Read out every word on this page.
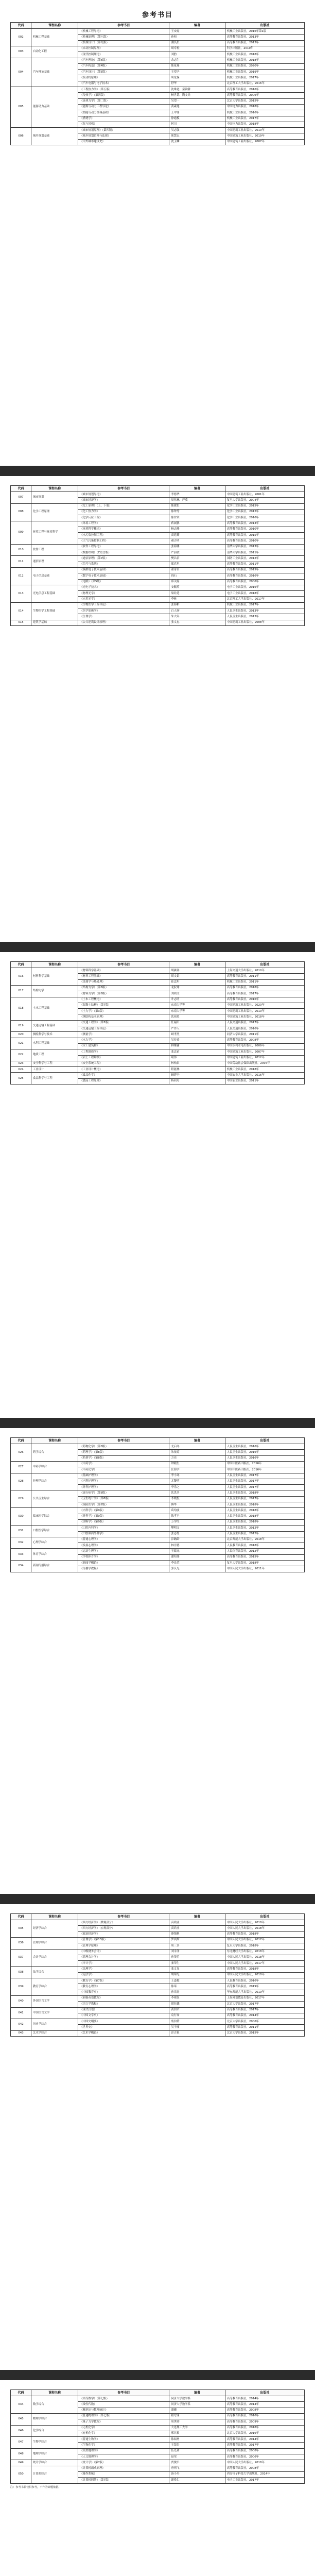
参考书目
代码	课程名称	参考书目	编著	出版社
002	机械工程基础	《机械工程导论》	王安霞	机械工业出版社，2016年第1版
		《机械原理》（第八版）	孙桓	高等教育出版社，2013年
		《机械设计》（第九版）	濮良贵	高等教育出版社，2013年
003	自动化工程	《自动控制原理》	胡寿松	科学出版社，2019年
		《现代控制理论》	刘豹	机械工业出版社，2018年
004	汽车理论基础	《汽车理论》（第6版）	余志生	机械工业出版社，2018年
		《汽车构造》（第4版）	陈家瑞	机械工业出版社，2020年
		《汽车设计》（第5版）	王望予	机械工业出版社，2019年
		《发动机原理》	周龙保	机械工业出版社，2017年
		《汽车电器与电子技术》	舒华	北京理工大学出版社，2016年
005	能源动力基础	《工程热力学》（第五版）	沈维道、童钧耕	高等教育出版社，2016年
		《传热学》（第四版）	杨世铭、陶文铨	高等教育出版社，2006年
		《流体力学》（第二版）	吴望一	北京大学出版社，2015年
		《能源与动力工程导论》	黄素逸	中国电力出版社，2018年
		《热能与动力机械基础》	王中铮	机械工业出版社，2016年
		《燃烧学》	徐通模	机械工业出版社，2017年
		《泵与风机》	何川	中国电力出版社，2018年
006	城乡规划基础	《城市规划原理》（第四版）	吴志强	中国建筑工业出版社，2010年
		《城乡规划管理与法规》	耿慧志	中国建筑工业出版社，2019年
		《中外城市建设史》	沈玉麟	中国建筑工业出版社，2007年
代码	课程名称	参考书目	编著	出版社
007	城市规划	《城市规划导论》	李德华	中国建筑工业出版社，2001年
		《城市经济学》	周伟林、严冀	复旦大学出版社，2004年
008	化学工程原理	《化工原理》（上、下册）	陈敏恒	化学工业出版社，2015年
		《化工热力学》	陈钟秀	化学工业出版社，2012年
		《化学反应工程》	陈甘棠	化学工业出版社，2016年
009	环境工程与环境科学	《环境工程学》	蒋展鹏	高等教育出版社，2013年
		《环境科学概论》	杨志峰	高等教育出版社，2010年
		《水污染控制工程》	高廷耀	高等教育出版社，2015年
		《大气污染控制工程》	郝吉明	高等教育出版社，2010年
010	软件工程	《软件工程导论》	张海藩	清华大学出版社，2013年
		《数据结构》（C语言版）	严蔚敏	清华大学出版社，2011年
011	通信原理	《通信原理》（第7版）	樊昌信	国防工业出版社，2012年
		《信号与系统》	郑君里	高等教育出版社，2011年
012	电子信息基础	《模拟电子技术基础》	童诗白	高等教育出版社，2015年
		《数字电子技术基础》	阎石	高等教育出版社，2016年
		《电路》（第5版）	邱关源	高等教育出版社，2006年
013	光电信息工程基础	《光电子技术》	安毓英	电子工业出版社，2016年
		《物理光学》	梁铨廷	电子工业出版社，2018年
		《应用光学》	李林	北京理工大学出版社，2017年
014	生物医学工程基础	《生物医学工程导论》	张海彬	机械工业出版社，2017年
		《医学影像学》	白人驹	人民卫生出版社，2013年
		《生理学》	朱大年	人民卫生出版社，2013年
015	建筑学基础	《公共建筑设计原理》	张文忠	中国建筑工业出版社，2008年
代码	课程名称	参考书目	编著	出版社
016	材料科学基础	《材料科学基础》	胡赓祥	上海交通大学出版社，2010年
		《材料工程基础》	胡文娟	高等教育出版社，2011年
		《金属学与热处理》	崔忠圻	机械工业出版社，2011年
017	结构力学	《结构力学》（第6版）	龙驭球	高等教育出版社，2018年
		《材料力学》（第6版）	刘鸿文	高等教育出版社，2017年
018	土木工程基础	《土木工程概论》	叶志明	高等教育出版社，2016年
		《混凝土结构》（第7版）	东南大学等	中国建筑工业出版社，2020年
		《土力学》（第3版）	东南大学等	中国建筑工业出版社，2010年
		《钢结构基本原理》	沈祖炎	中国建筑工业出版社，2018年
019	交通运输工程基础	《交通工程学》（第3版）	任福田	人民交通出版社，2017年
		《交通运输工程导论》	严作人	人民交通出版社，2016年
020	测绘科学与技术	《测量学》	顾孝烈	同济大学出版社，2011年
021	水利工程基础	《水力学》	吴持恭	高等教育出版社，2008年
		《水工建筑物》	林继镛	中国水利水电出版社，2009年
022	地质工程	《工程地质学》	张忠苗	中国建筑工业出版社，2007年
		《岩土工程勘察》	项伟	中国建筑工业出版社，2012年
023	安全科学与工程	《安全系统工程》	林柏泉	中国劳动社会保障出版社，2007年
024	工业设计	《工业设计概论》	程能林	机械工业出版社，2018年
025	食品科学与工程	《食品化学》	阚建全	中国农业大学出版社，2016年
		《食品工程原理》	杨同舟	中国农业出版社，2011年
代码	课程名称	参考书目	编著	出版社
026	药学综合	《药物化学》（第8版）	尤启冬	人民卫生出版社，2016年
		《药理学》（第8版）	朱依谆	人民卫生出版社，2016年
		《药剂学》（第8版）	方亮	人民卫生出版社，2016年
027	中药学综合	《中药学》	钟赣生	中国中医药出版社，2016年
		《中药化学》	匡海学	中国中医药出版社，2016年
028	护理学综合	《基础护理学》	李小寒	人民卫生出版社，2017年
		《内科护理学》	尤黎明	人民卫生出版社，2017年
		《外科护理学》	李乐之	人民卫生出版社，2017年
029	公共卫生综合	《流行病学》（第8版）	沈洪兵	人民卫生出版社，2018年
		《卫生统计学》（第8版）	李晓松	人民卫生出版社，2017年
		《预防医学》（第7版）	傅华	人民卫生出版社，2018年
030	临床医学综合	《内科学》（第9版）	葛均波	人民卫生出版社，2018年
		《外科学》（第9版）	陈孝平	人民卫生出版社，2018年
		《诊断学》（第9版）	万学红	人民卫生出版社，2018年
031	口腔医学综合	《口腔内科学》	樊明文	人民卫生出版社，2012年
		《口腔颌面外科学》	张志愿	人民卫生出版社，2012年
032	心理学综合	《普通心理学》	彭聃龄	北京师范大学出版社，2018年
		《发展心理学》	林崇德	人民教育出版社，2018年
033	体育学综合	《运动生理学》	王瑞元	人民体育出版社，2012年
		《学校体育学》	潘绍伟	高等教育出版社，2015年
034	新闻传播综合	《新闻学概论》	李良荣	复旦大学出版社，2018年
		《传播学教程》	郭庆光	中国人民大学出版社，2011年
代码	课程名称	参考书目	编著	出版社
035	经济学综合	《西方经济学》（微观部分）	高鸿业	中国人民大学出版社，2018年
		《西方经济学》（宏观部分）	高鸿业	中国人民大学出版社，2018年
		《政治经济学》	逄锦聚	高等教育出版社，2018年
036	管理学综合	《管理学》（第13版）	罗宾斯	中国人民大学出版社，2017年
		《管理学原理》	周三多	复旦大学出版社，2018年
037	会计学综合	《中级财务会计》	刘永泽	东北财经大学出版社，2018年
		《管理会计学》	孙茂竹	中国人民大学出版社，2018年
		《审计学》	秦荣生	中国人民大学出版社，2017年
038	法学综合	《法理学》	张文显	高等教育出版社，2018年
		《宪法学》	胡锦光	中国人民大学出版社，2018年
039	教育学综合	《教育学》（第7版）	王道俊	人民教育出版社，2016年
		《教育心理学》	陈琦	高等教育出版社，2019年
		《中国教育史》	孙培青	华东师范大学出版社，2019年
040	外国语言文学	《新编英语教程》	李观仪	上海外语教育出版社，2017年
		《语言学教程》	胡壮麟	北京大学出版社，2017年
041	中国语言文学	《现代汉语》	黄伯荣	高等教育出版社，2017年
		《中国文学史》	袁行霈	高等教育出版社，2014年
042	历史学综合	《中国史纲要》	翦伯赞	北京大学出版社，2006年
		《世界史》	吴于廑	高等教育出版社，2011年
043	艺术学综合	《艺术学概论》	彭吉象	北京大学出版社，2015年
代码	课程名称	参考书目	编著	出版社
044	数学综合	《高等数学》（第七版）	同济大学数学系	高等教育出版社，2014年
		《线性代数》	同济大学数学系	高等教育出版社，2014年
		《概率论与数理统计》	盛骤	高等教育出版社，2008年
045	物理学综合	《普通物理学》（第七版）	程守洙	高等教育出版社，2016年
		《量子力学教程》	周世勋	高等教育出版社，2009年
046	化学综合	《无机化学》	大连理工大学	高等教育出版社，2018年
		《有机化学》	邢其毅	北京大学出版社，2016年
047	生物学综合	《普通生物学》	陈阅增	高等教育出版社，2014年
		《生物化学》	王镜岩	高等教育出版社，2017年
048	地理学综合	《自然地理学》	伍光和	高等教育出版社，2008年
		《人文地理学》	赵荣	高等教育出版社，2006年
049	统计学综合	《统计学》（第7版）	贾俊平	中国人民大学出版社，2018年
050	计算机综合	《计算机组成原理》	唐朔飞	高等教育出版社，2008年
		《操作系统》	汤小丹	西安电子科技大学出版社，2014年
		《计算机网络》（第7版）	谢希仁	电子工业出版社，2017年
注：参考书目仅供参考，不作为命题依据。
